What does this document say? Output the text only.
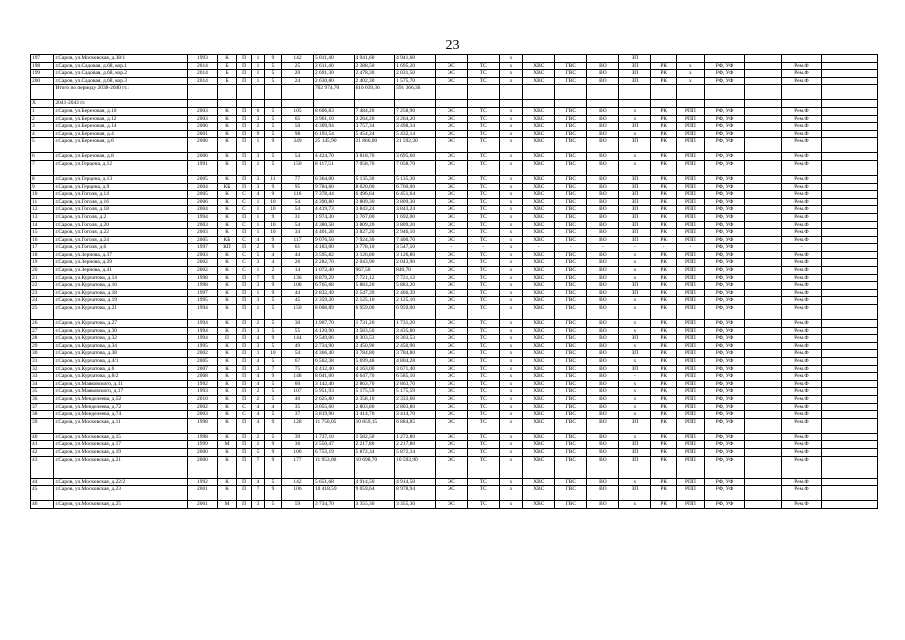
23
197	г.Саров, ул.Московская, д.38/1	1993	К	П	1	9	142	5 011,40	4 941,60	4 941,60			х				ЗП						
198	г.Саров, ул.Садовая, д.68, кор.1	2014	Б	П	1	5	25	2 611,40	2 388,50	1 695,20	ЭС	ТС	х	ХВС	ГВС	ВО	ЗП	РК	х	РФ, УФ		Рем.Ф	
199	г.Саров, ул.Садовая, д.68, кор.2	2014	Б	П	1	5	20	2 691,30	2 478,30	2 031,50	ЭС	ТС	х	ХВС	ГВС	ВО	ЗП	РК	х	РФ, УФ		Рем.Ф	
200	г.Саров, ул.Садовая, д.68, кор.3	2014	Б	П	1	5	24	2 630,80	2 402,30	1 575,70	ЭС	ТС	х	ХВС	ГВС	ВО	ЗП	РК	х	РФ, УФ		Рем.Ф	
	Итого по периоду 2038-2040 гг.:							702 974,70	616 039,36	591 366,36													
Х	2041-2043 гг.																						
1	г.Саров, ул.Березовая, д.10	2003	К	П	6	5	105	8 606,83	7 484,20	7 258,90	ЭС	ТС	х	ХВС	ГВС	ВО	х	РК	РПП	РФ, УФ		Рем.Ф	
2	г.Саров, ул.Березовая, д.12	2003	К	П	3	5	65	3 901,10	3 264,20	3 264,20	ЭС	ТС	х	ХВС	ГВС	ВО	х	РК	РПП	РФ, УФ		Рем.Ф	
3	г.Саров, ул.Березовая, д.14	2006	К	П	2	5	50	4 309,94	3 757,34	3 498,34	ЭС	ТС	х	ХВС	ГВС	ВО	ЗП	РК	РПП	РФ, УФ		Рем.Ф	
4	г.Саров, ул.Березовая, д.4	2001	К	П	9	5	98	6 193,54	5 454,24	5 432,14	ЭС	ТС	х	ХВС	ГВС	ВО	х	РК	РПП	РФ, УФ		Рем.Ф	
5	г.Саров, ул.Березовая, д.6	2006	К	П	1	9	349	25 145,90	21 866,00	21 592,30	ЭС	ТС	х	ХВС	ГВС	ВО	ЗП	РК	РПП	РФ, УФ		Рем.Ф	
6	г.Саров, ул.Березовая, д.8	2006	К	П	3	5	54	4 424,70	3 818,70	3 695,60	ЭС	ТС	х	ХВС	ГВС	ВО	х	РК	РПП	РФ, УФ		Рем.Ф	
7	г.Саров, ул.Герцена, д.12	1991	К	П	1	5	150	8 117,51	7 058,70	7 058,70	ЭС	ТС	х	ХВС	ГВС	ВО	х	РК	РПП	РФ, УФ		Рем.Ф	
8	г.Саров, ул.Герцена, д.13	2005	К	П	3	11	77	6 364,00	5 135,30	5 135,30	ЭС	ТС	х	ХВС	ГВС	ВО	ЗП	РК	РПП	РФ, УФ		Рем.Ф	
9	г.Саров, ул.Герцена, д.9	2004	КБ	П	3	9	95	9 784,60	8 620,00	6 700,00	ЭС	ТС	х	ХВС	ГВС	ВО	ЗП	РК	РПП	РФ, УФ		Рем.Ф	
10	г.Саров, ул.Гоголя, д.14	2005	К	С	4	9	116	7 378,44	6 496,64	6 451,64	ЭС	ТС	х	ХВС	ГВС	ВО	ЗП	РК	РПП	РФ, УФ		Рем.Ф	
11	г.Саров, ул.Гоголя, д.16	2006	К	С	1	10	54	4 390,80	3 809,30	3 809,30	ЭС	ТС	х	ХВС	ГВС	ВО	ЗП	РК	РПП	РФ, УФ		Рем.Ф	
12	г.Саров, ул.Гоголя, д.18	2004	К	С	1	10	54	4 419,73	3 843,24	3 843,24	ЭС	ТС	х	ХВС	ГВС	ВО	ЗП	РК	РПП	РФ, УФ		Рем.Ф	
13	г.Саров, ул.Гоголя, д.2	1994	К	П	1	9	31	1 974,30	1 767,00	1 692,00	ЭС	ТС	х	ХВС	ГВС	ВО	ЗП	РК	РПП	РФ, УФ		Рем.Ф	
14	г.Саров, ул.Гоголя, д.20	2003	К	С	1	10	54	4 380,58	3 809,20	3 809,20	ЭС	ТС	х	ХВС	ГВС	ВО	ЗП	РК	РПП	РФ, УФ		Рем.Ф	
15	г.Саров, ул.Гоголя, д.22	2003	К	П	1	10	34	4 401,28	3 827,20	2 946,10	ЭС	ТС	х	ХВС	ГВС	ВО	ЗП	РК	РПП	РФ, УФ		Рем.Ф	
16	г.Саров, ул.Гоголя, д.24	2005	КБ	С	4	9	117	9 076,50	7 924,30	7 400,70	ЭС	ТС	х	ХВС	ГВС	ВО	ЗП	РК	РПП	РФ, УФ		Рем.Ф	
17	г.Саров, ул.Гоголя, д.6	1997	КП	П	2	9	61	4 183,00	3 778,10	3 547,50	-	-	х	-	-	-	-	-	-	РФ, УФ		-	
18	г.Саров, ул.Зернова, д.37	2003	К	С	5	4	44	3 595,82	3 126,80	3 126,80	ЭС	ТС	х	ХВС	ГВС	ВО	х	РК	РПП	РФ, УФ		Рем.Ф	
19	г.Саров, ул.Зернова, д.39	2002	К	С	3	4	26	2 282,70	2 043,90	2 043,90	ЭС	ТС	х	ХВС	ГВС	ВО	х	РК	РПП	РФ, УФ		Рем.Ф	
20	г.Саров, ул.Зернова, д.41	2002	К	С	1	2	14	1 072,40	967,50	840,70	ЭС	ТС	х	ХВС	ГВС	ВО	х	РК	РПП	РФ, УФ		Рем.Ф	
21	г.Саров, ул.Курчатова, д.14	1998	К	П	7	9	136	8 879,29	7 721,12	7 721,12	ЭС	ТС	х	ХВС	ГВС	ВО	х	РК	РПП	РФ, УФ		Рем.Ф	
22	г.Саров, ул.Курчатова, д.16	1998	К	П	3	9	108	6 765,68	5 883,20	5 883,20	ЭС	ТС	х	ХВС	ГВС	ВО	ЗП	РК	РПП	РФ, УФ		Рем.Ф	
23	г.Саров, ул.Курчатова, д.18	1997	К	П	1	9	44	2 832,49	2 547,39	2 466,39	ЭС	ТС	х	ХВС	ГВС	ВО	ЗП	РК	РПП	РФ, УФ		Рем.Ф	
24	г.Саров, ул.Курчатова, д.19	1995	К	П	3	5	45	2 359,20	2 125,10	2 125,10	ЭС	ТС	х	ХВС	ГВС	ВО	х	РК	РПП	РФ, УФ		Рем.Ф	
25	г.Саров, ул.Курчатова, д.21	1994	К	П	1	5	150	8 008,89	6 959,00	6 959,00	ЭС	ТС	х	ХВС	ГВС	ВО	х	РК	РПП	РФ, УФ		Рем.Ф	
26	г.Саров, ул.Курчатова, д.27	1994	К	П	2	5	30	1 907,70	1 731,20	1 731,20	ЭС	ТС	х	ХВС	ГВС	ВО	х	РК	РПП	РФ, УФ		Рем.Ф	
27	г.Саров, ул.Курчатова, д.30	1994	К	П	3	5	55	4 120,90	3 583,50	3 435,80	ЭС	ТС	х	ХВС	ГВС	ВО	х	РК	РПП	РФ, УФ		Рем.Ф	
28	г.Саров, ул.Курчатова, д.32	1994	П	П	4	9	144	9 549,06	8 303,53	8 303,53	ЭС	ТС	х	ХВС	ГВС	ВО	ЗП	РК	РПП	РФ, УФ		Рем.Ф	
29	г.Саров, ул.Курчатова, д.34	1995	К	П	3	5	49	2 734,90	2 450,90	2 450,90	ЭС	ТС	х	ХВС	ГВС	ВО	х	РК	РПП	РФ, УФ		Рем.Ф	
30	г.Саров, ул.Курчатова, д.38	2002	К	П	1	10	54	4 366,40	3 784,80	3 784,80	ЭС	ТС	х	ХВС	ГВС	ВО	ЗП	РК	РПП	РФ, УФ		Рем.Ф	
31	г.Саров, ул.Курчатова, д.4/1	2005	К	П	4	5	67	6 562,38	5 699,48	4 804,28	ЭС	ТС	х	ХВС	ГВС	ВО	х	РК	РПП	РФ, УФ		Рем.Ф	
32	г.Саров, ул.Курчатова, д.6	2007	К	П	3	7	75	4 412,40	4 163,00	3 671,40	ЭС	ТС	х	ХВС	ГВС	ВО	ЗП	РК	РПП	РФ, УФ		Рем.Ф	
33	г.Саров, ул.Курчатова, д.8/2	2008	К	П	4	9	148	8 041,00	6 647,70	6 585,10	ЭС	ТС	х	ХВС	ГВС	ВО	-	РК	РПП	РФ, УФ		Рем.Ф	
34	г.Саров, ул.Маяковского, д.11	1992	К	П	4	5	60	3 142,40	2 863,70	2 863,70	ЭС	ТС	х	ХВС	ГВС	ВО	х	РК	РПП	РФ, УФ		Рем.Ф	
35	г.Саров, ул.Маяковского, д.17	1993	К	П	2	5	107	5 951,93	5 175,59	5 175,59	ЭС	ТС	х	ХВС	ГВС	ВО	х	РК	РПП	РФ, УФ		Рем.Ф	
36	г.Саров, ул.Менделеева, д.52	2010	К	П	2	5	40	2 625,80	2 358,10	2 333,60	ЭС	ТС	х	ХВС	ГВС	ВО	х	РК	РПП	РФ, УФ		Рем.Ф	
37	г.Саров, ул.Менделеева, д.72	2002	К	С	4	4	35	3 055,60	2 803,80	2 803,80	ЭС	ТС	х	ХВС	ГВС	ВО	х	РК	РПП	РФ, УФ		Рем.Ф	
38	г.Саров, ул.Менделеева, д.74	2003	К	С	4	5	37	3 819,90	3 414,70	3 414,70	ЭС	ТС	х	ХВС	ГВС	ВО	х	РК	РПП	РФ, УФ		Рем.Ф	
39	г.Саров, ул.Московская, д.11	1998	К	П	4	9	128	11 750,05	10 859,15	6 884,85	ЭС	ТС	х	ХВС	ГВС	ВО	ЗП	РК	РПП	РФ, УФ		Рем.Ф	
40	г.Саров, ул.Московская, д.15	1998	К	П	2	5	39	1 737,10	1 582,50	1 272,80	ЭС	ТС	х	ХВС	ГВС	ВО	х	РК	РПП	РФ, УФ		Рем.Ф	
41	г.Саров, ул.Московская, д.17	1999	М	П	1	9	36	2 550,47	2 217,80	2 217,80	ЭС	ТС	х	ХВС	ГВС	ВО	ЗП	РК	РПП	РФ, УФ		Рем.Ф	
42	г.Саров, ул.Московская, д.19	2000	К	П	5	9	106	6 753,19	5 872,34	5 872,34	ЭС	ТС	х	ХВС	ГВС	ВО	ЗП	РК	РПП	РФ, УФ		Рем.Ф	
43	г.Саров, ул.Московская, д.21	2000	К	П	7	9	177	11 953,00	10 698,70	10 593,90	ЭС	ТС	х	ХВС	ГВС	ВО	ЗП	РК	РПП	РФ, УФ		Рем.Ф	
44	г.Саров, ул.Московская, д.22/2	1992	К	П	4	5	142	5 651,68	4 914,50	4 914,50	ЭС	ТС	х	ХВС	ГВС	ВО	х	РК	РПП	РФ, УФ		Рем.Ф	
45	г.Саров, ул.Московская, д.23	2001	К	П	7	9	106	10 418,59	9 059,64	8 978,94	ЭС	ТС	х	ХВС	ГВС	ВО	ЗП	РК	РПП	РФ, УФ		Рем.Ф	
46	г.Саров, ул.Московская, д.25	2001	М	П	3	5	59	3 734,70	3 355,30	3 355,30	ЭС	ТС	х	ХВС	ГВС	ВО	х	РК	РПП	РФ, УФ		Рем.Ф	
